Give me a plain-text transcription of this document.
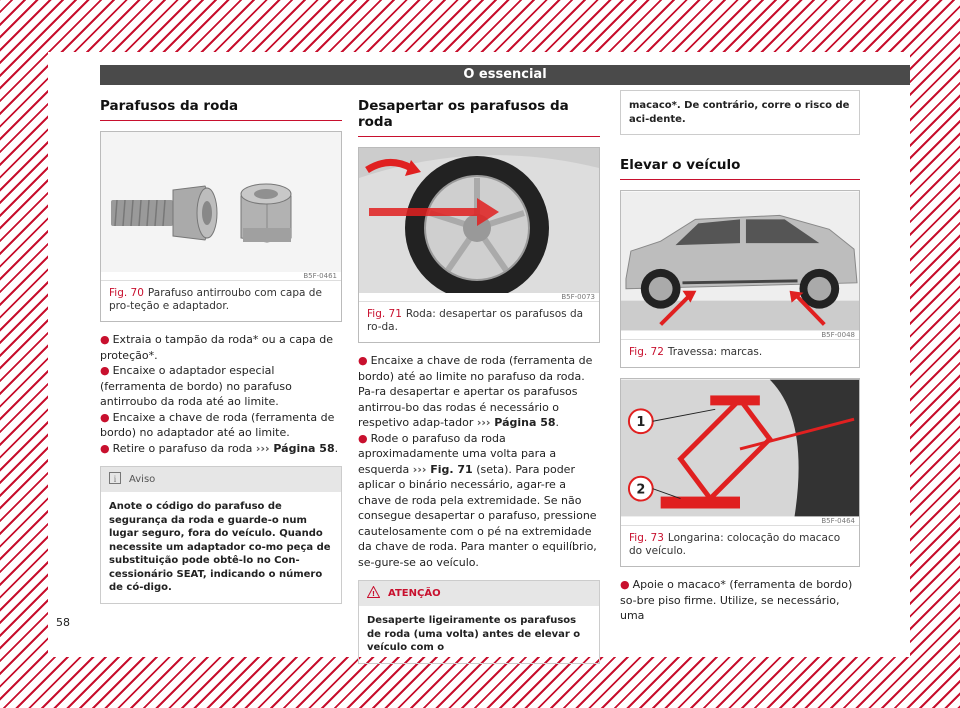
O essencial
Parafusos da roda
B5F-0461
Fig. 70 Parafuso antirroubo com capa de pro-teção e adaptador.

● Extraia o tampão da roda* ou a capa de proteção*.

● Encaixe o adaptador especial (ferramenta de bordo) no parafuso antirroubo da roda até ao limite.

● Encaixe a chave de roda (ferramenta de bordo) no adaptador até ao limite.

● Retire o parafuso da roda ››› Página 58.

i Aviso
Anote o código do parafuso de segurança da roda e guarde-o num lugar seguro, fora do veículo. Quando necessite um adaptador co-mo peça de substituição pode obtê-lo no Con-cessionário SEAT, indicando o número de có-digo.
Desapertar os parafusos da roda
B5F-0073
Fig. 71 Roda: desapertar os parafusos da ro-da.

● Encaixe a chave de roda (ferramenta de bordo) até ao limite no parafuso da roda. Pa-ra desapertar e apertar os parafusos antirrou-bo das rodas é necessário o respetivo adap-tador ››› Página 58.

● Rode o parafuso da roda aproximadamente uma volta para a esquerda ››› Fig. 71 (seta). Para poder aplicar o binário necessário, agar-re a chave de roda pela extremidade. Se não consegue desapertar o parafuso, pressione cautelosamente com o pé na extremidade da chave de roda. Para manter o equilíbrio, se-gure-se ao veículo.

! ATENÇÃO
Desaperte ligeiramente os parafusos de roda (uma volta) antes de elevar o veículo com o
macaco*. De contrário, corre o risco de aci-dente.
Elevar o veículo
B5F-0048
Fig. 72 Travessa: marcas.
1
2
B5F-0464
Fig. 73 Longarina: colocação do macaco do veículo.

● Apoie o macaco* (ferramenta de bordo) so-bre piso firme. Utilize, se necessário, uma

58
